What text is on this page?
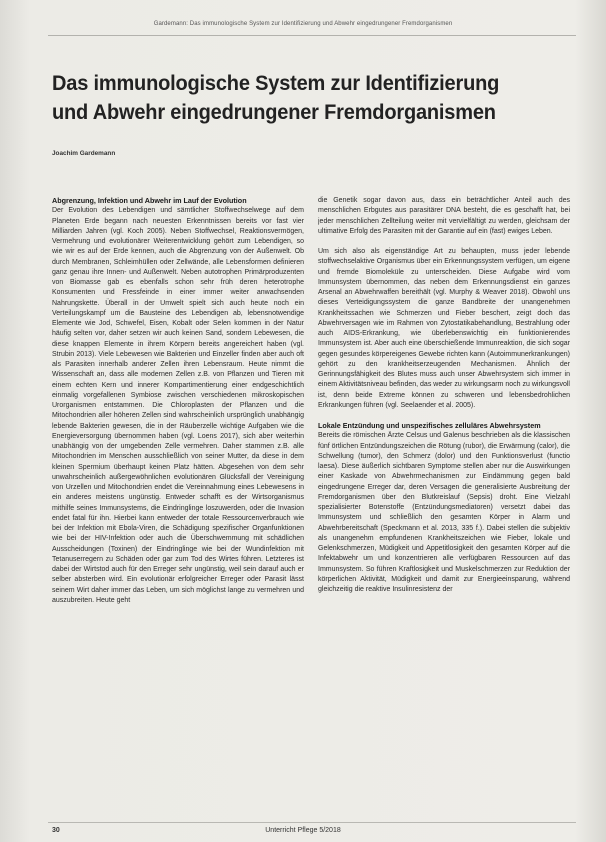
Gardemann: Das immunologische System zur Identifizierung und Abwehr eingedrungener Fremdorganismen
Das immunologische System zur Identifizierung
und Abwehr eingedrungener Fremdorganismen
Joachim Gardemann
Abgrenzung, Infektion und Abwehr im Lauf der Evolution

Der Evolution des Lebendigen und sämtlicher Stoffwechselwege auf dem Planeten Erde begann nach neuesten Erkenntnissen bereits vor fast vier Milliarden Jahren (vgl. Koch 2005). Neben Stoffwechsel, Reaktionsvermögen, Vermehrung und evolutionärer Weiterentwicklung gehört zum Lebendigen, so wie wir es auf der Erde kennen, auch die Abgrenzung von der Außenwelt. Ob durch Membranen, Schleimhüllen oder Zellwände, alle Lebensformen definieren ganz genau ihre Innen- und Außenwelt. Neben autotrophen Primärproduzenten von Biomasse gab es ebenfalls schon sehr früh deren heterotrophe Konsumenten und Fressfeinde in einer immer weiter anwachsenden Nahrungskette. Überall in der Umwelt spielt sich auch heute noch ein Verteilungskampf um die Bausteine des Lebendigen ab, lebensnotwendige Elemente wie Jod, Schwefel, Eisen, Kobalt oder Selen kommen in der Natur häufig selten vor, daher setzen wir auch keinen Sand, sondern Lebewesen, die diese knappen Elemente in ihrem Körpern bereits angereichert haben (vgl. Strubin 2013). Viele Lebewesen wie Bakterien und Einzeller finden aber auch oft als Parasiten innerhalb anderer Zellen ihren Lebensraum. Heute nimmt die Wissenschaft an, dass alle modernen Zellen z.B. von Pflanzen und Tieren mit einem echten Kern und innerer Kompartimentierung einer endgeschichtlich einmalig vorgefallenen Symbiose zwischen verschiedenen mikroskopischen Urorganismen entstammen. Die Chloroplasten der Pflanzen und die Mitochondrien aller höheren Zellen sind wahrscheinlich ursprünglich unabhängig lebende Bakterien gewesen, die in der Räuberzelle wichtige Aufgaben wie die Energieversorgung übernommen haben (vgl. Loens 2017), sich aber weiterhin unabhängig von der umgebenden Zelle vermehren. Daher stammen z.B. alle Mitochondrien im Menschen ausschließlich von seiner Mutter, da diese in dem kleinen Spermium überhaupt keinen Platz hätten. Abgesehen von dem sehr unwahrscheinlich außergewöhnlichen evolutionären Glücksfall der Vereinigung von Urzellen und Mitochondrien endet die Vereinnahmung eines Lebewesens in ein anderes meistens ungünstig. Entweder schafft es der Wirtsorganismus mithilfe seines Immunsystems, die Eindringlinge loszuwerden, oder die Invasion endet fatal für ihn. Hierbei kann entweder der totale Ressourcenverbrauch wie bei der Infektion mit Ebola-Viren, die Schädigung spezifischer Organfunktionen wie bei der HIV-Infektion oder auch die Überschwemmung mit schädlichen Ausscheidungen (Toxinen) der Eindringlinge wie bei der Wundinfektion mit Tetanuserregern zu Schäden oder gar zum Tod des Wirtes führen. Letzteres ist dabei der Wirtstod auch für den Erreger sehr ungünstig, weil sein darauf auch er selber absterben wird. Ein evolutionär erfolgreicher Erreger oder Parasit lässt seinem Wirt daher immer das Leben, um sich möglichst lange zu vermehren und auszubreiten. Heute geht

die Genetik sogar davon aus, dass ein beträchtlicher Anteil auch des menschlichen Erbgutes aus parasitärer DNA besteht, die es geschafft hat, bei jeder menschlichen Zellteilung weiter mit vervielfältigt zu werden, gleichsam der ultimative Erfolg des Parasiten mit der Garantie auf ein (fast) ewiges Leben.

Um sich also als eigenständige Art zu behaupten, muss jeder lebende stoffwechselaktive Organismus über ein Erkennungssystem verfügen, um eigene und fremde Biomoleküle zu unterscheiden. Diese Aufgabe wird vom Immunsystem übernommen, das neben dem Erkennungsdienst ein ganzes Arsenal an Abwehrwaffen bereithält (vgl. Murphy & Weaver 2018). Obwohl uns dieses Verteidigungssystem die ganze Bandbreite der unangenehmen Krankheitssachen wie Schmerzen und Fieber beschert, zeigt doch das Abwehrversagen wie im Rahmen von Zytostatikabehandlung, Bestrahlung oder auch AIDS-Erkrankung, wie überlebenswichtig ein funktionierendes Immunsystem ist. Aber auch eine überschießende Immunreaktion, die sich sogar gegen gesundes körpereigenes Gewebe richten kann (Autoimmunerkrankungen) gehört zu den krankheitserzeugenden Mechanismen. Ähnlich der Gerinnungsfähigkeit des Blutes muss auch unser Abwehrsystem sich immer in einem Aktivitätsniveau befinden, das weder zu wirkungsarm noch zu wirkungsvoll ist, denn beide Extreme können zu schweren und lebensbedrohlichen Erkrankungen führen (vgl. Seelaender et al. 2005).

Lokale Entzündung und unspezifisches zelluläres Abwehrsystem

Bereits die römischen Ärzte Celsus und Galenus beschrieben als die klassischen fünf örtlichen Entzündungszeichen die Rötung (rubor), die Erwärmung (calor), die Schwellung (tumor), den Schmerz (dolor) und den Funktionsverlust (functio laesa). Diese äußerlich sichtbaren Symptome stellen aber nur die Auswirkungen einer Kaskade von Abwehrmechanismen zur Eindämmung gegen bald eingedrungene Erreger dar, deren Versagen die generalisierte Ausbreitung der Fremdorganismen über den Blutkreislauf (Sepsis) droht. Eine Vielzahl spezialisierter Botenstoffe (Entzündungsmediatoren) versetzt dabei das Immunsystem und schließlich den gesamten Körper in Alarm und Abwehrbereitschaft (Speckmann et al. 2013, 335 f.). Dabei stellen die subjektiv als unangenehm empfundenen Krankheitszeichen wie Fieber, lokale und Gelenkschmerzen, Müdigkeit und Appetitlosigkeit den gesamten Körper auf die Infektabwehr um und konzentrieren alle verfügbaren Ressourcen auf das Immunsystem. So führen Kraftlosigkeit und Muskelschmerzen zur Reduktion der körperlichen Aktivität, Müdigkeit und damit zur Energieeinsparung, während gleichzeitig die reaktive Insulinresistenz der

30	Unterricht Pflege 5/2018
